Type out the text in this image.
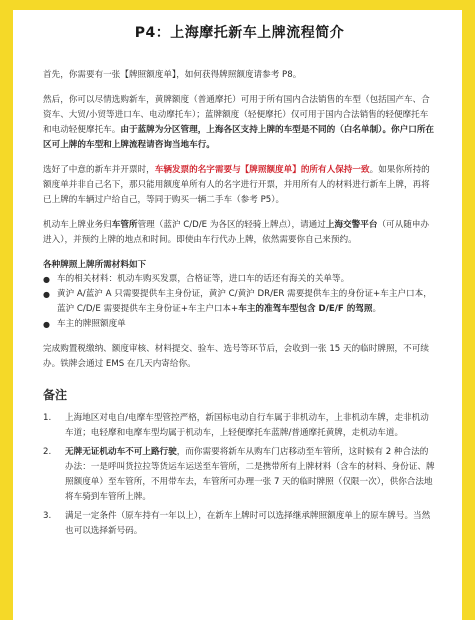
P4：上海摩托新车上牌流程简介

首先，你需要有一张【牌照额度单】，如何获得牌照额度请参考 P8。

然后，你可以尽情选购新车，黄牌额度（普通摩托）可用于所有国内合法销售的车型（包括国产车、合资车、大贸/小贸等进口车、电动摩托车）；蓝牌额度（轻便摩托）仅可用于国内合法销售的轻便摩托车和电动轻便摩托车。由于蓝牌为分区管理，上海各区支持上牌的车型是不同的（白名单制）。你户口所在区可上牌的车型和上牌流程请咨询当地车行。

选好了中意的新车并开票时，车辆发票的名字需要与【牌照额度单】的所有人保持一致。如果你所持的额度单并非自己名下，那只能用额度单所有人的名字进行开票，并用所有人的材料进行新车上牌，再将已上牌的车辆过户给自己，等同于购买一辆二手车（参考 P5）。

机动车上牌业务归车管所管理（蓝沪 C/D/E 为各区的轻骑上牌点），请通过上海交警平台（可从随申办进入），并预约上牌的地点和时间。即使由车行代办上牌，依然需要你自己来预约。

各种牌照上牌所需材料如下
● 车的相关材料：机动车购买发票，合格证等，进口车的话还有海关的关单等。
● 黄沪 A/蓝沪 A 只需要提供车主身份证，黄沪 C/黄沪 DR/ER 需要提供车主的身份证+车主户口本，蓝沪 C/D/E 需要提供车主身份证+车主户口本+车主的准驾车型包含 D/E/F 的驾照。
● 车主的牌照额度单

完成购置税缴纳、额度审核、材料提交、验车、选号等环节后，会收到一张 15 天的临时牌照，不可续办。铁牌会通过 EMS 在几天内寄给你。

备注
1. 上海地区对电自/电摩车型管控严格，新国标电动自行车属于非机动车，上非机动车牌，走非机动车道；电轻摩和电摩车型均属于机动车，上轻便摩托车蓝牌/普通摩托黄牌，走机动车道。
2. 无牌无证机动车不可上路行驶，而你需要将新车从购车门店移动至车管所，这时候有 2 种合法的办法：一是呼叫货拉拉等货运车运送至车管所，二是携带所有上牌材料（含车的材料、身份证、牌照额度单）至车管所，不用带车去，车管所可办理一张 7 天的临时牌照（仅限一次），供你合法地将车骑到车管所上牌。
3. 满足一定条件（原车持有一年以上），在新车上牌时可以选择继承牌照额度单上的原车牌号。当然也可以选择新号码。
